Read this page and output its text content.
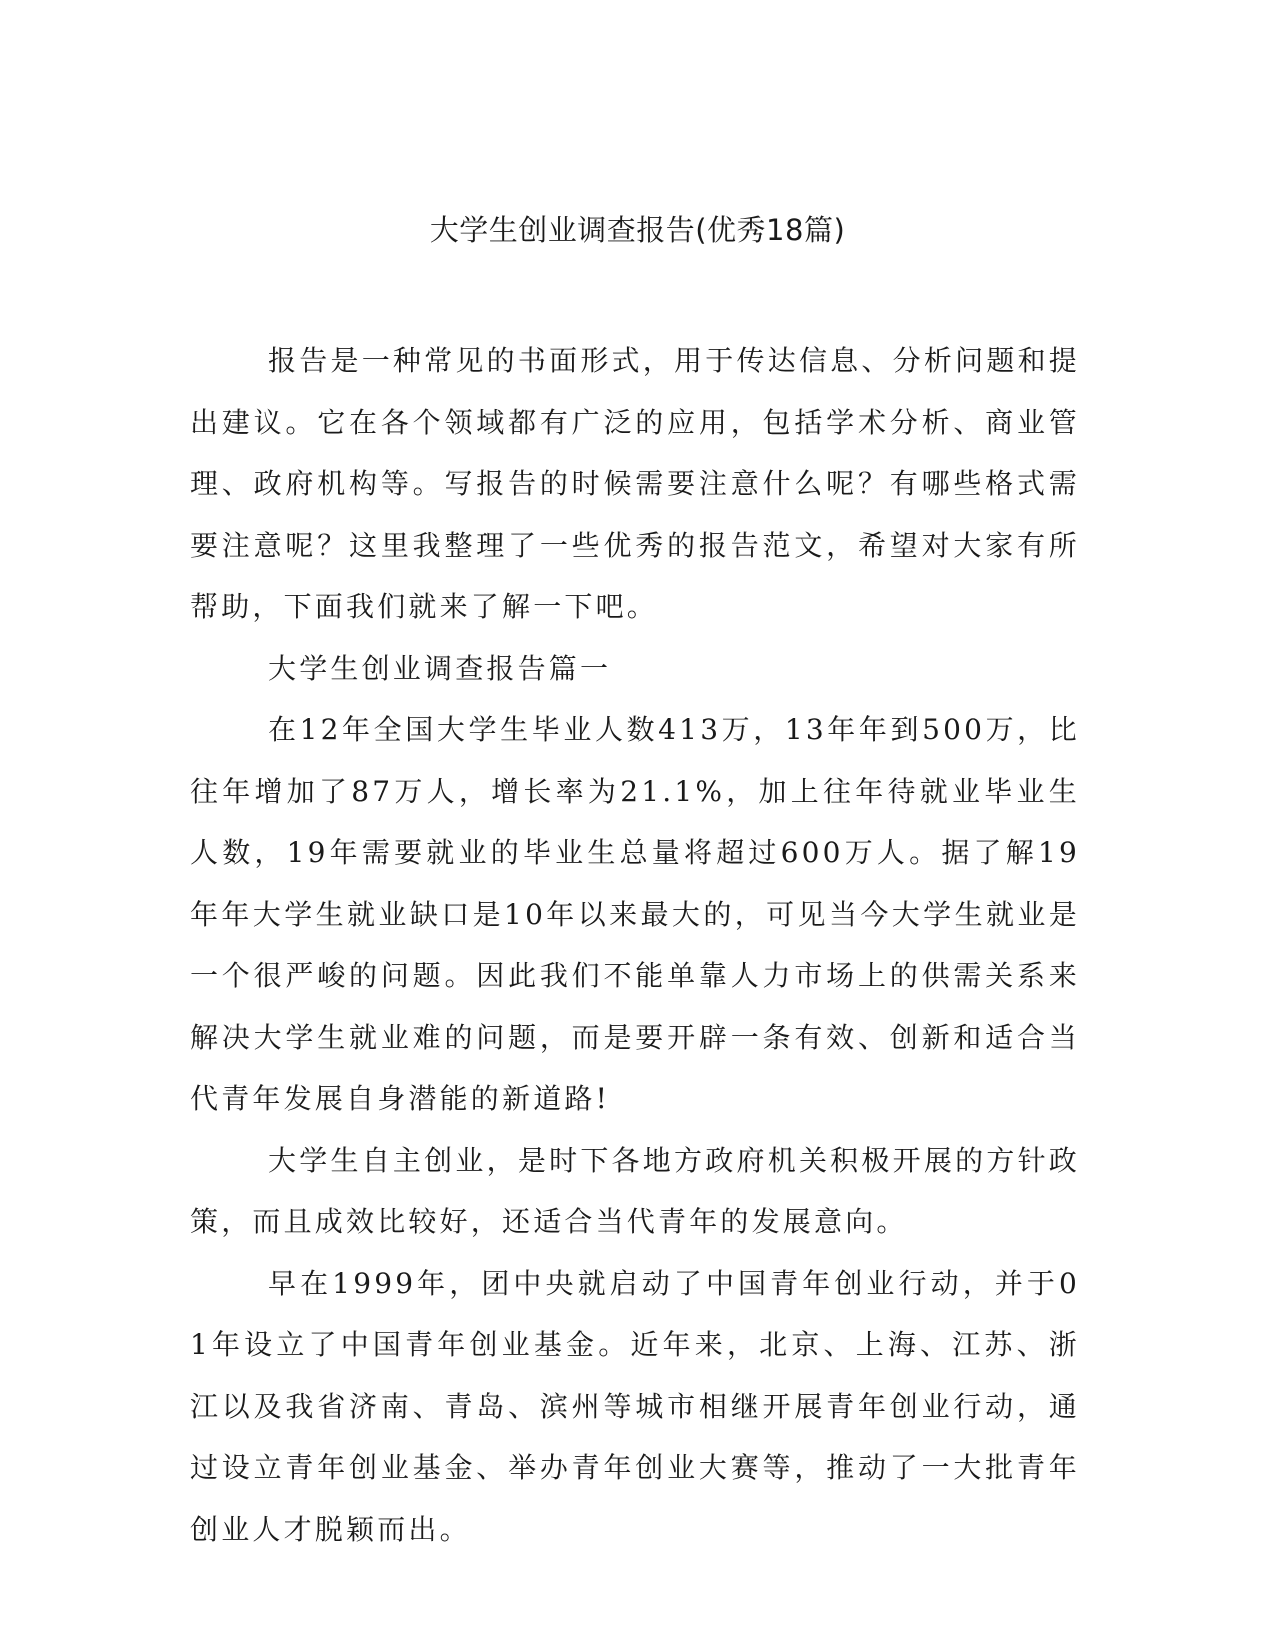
大学生创业调查报告(优秀18篇)

报告是一种常见的书面形式，用于传达信息、分析问题和提出建议。它在各个领域都有广泛的应用，包括学术分析、商业管理、政府机构等。写报告的时候需要注意什么呢？有哪些格式需要注意呢？这里我整理了一些优秀的报告范文，希望对大家有所帮助，下面我们就来了解一下吧。

大学生创业调查报告篇一

在12年全国大学生毕业人数413万，13年年到500万，比往年增加了87万人，增长率为21.1%，加上往年待就业毕业生人数，19年需要就业的毕业生总量将超过600万人。据了解19年年大学生就业缺口是10年以来最大的，可见当今大学生就业是一个很严峻的问题。因此我们不能单靠人力市场上的供需关系来解决大学生就业难的问题，而是要开辟一条有效、创新和适合当代青年发展自身潜能的新道路!

大学生自主创业，是时下各地方政府机关积极开展的方针政策，而且成效比较好，还适合当代青年的发展意向。

早在1999年，团中央就启动了中国青年创业行动，并于01年设立了中国青年创业基金。近年来，北京、上海、江苏、浙江以及我省济南、青岛、滨州等城市相继开展青年创业行动，通过设立青年创业基金、举办青年创业大赛等，推动了一大批青年创业人才脱颖而出。
